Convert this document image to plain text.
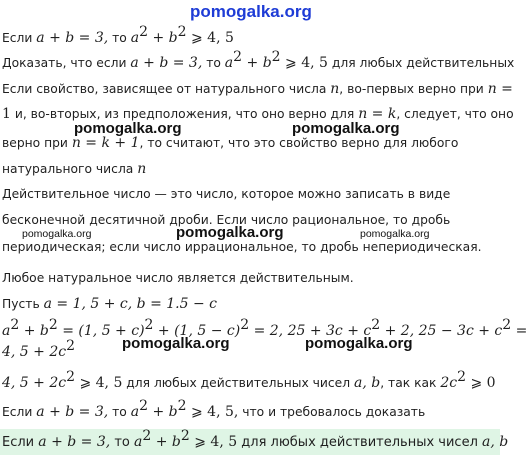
pomogalka.org
Если a + b = 3, то $a^2 + b^2$ ⩾ 4, 5
Доказать, что если a + b = 3, то $a^2 + b^2$ ⩾ 4, 5 для любых действительных
Если свойство, зависящее от натурального числа n, во-первых верно при n =
1 и, во-вторых, из предположения, что оно верно для n = k, следует, что оно
верно при n = k + 1, то считают, что это свойство верно для любого
pomogalka.org	pomogalka.org
натурального числа n
Действительное число — это число, которое можно записать в виде
бесконечной десятичной дроби. Если число рациональное, то дробь
pomogalka.org	pomogalka.org	pomogalka.org
периодическая; если число иррациональное, то дробь непериодическая.
Любое натуральное число является действительным.
Пусть a = 1, 5 + c, b = 1.5 − c
$a^2 + b^2 = (1$, 5 + c)$^2$ + (1, 5 − c)$^2$ = 2, $25 + 3c + c^2 + 2$, $25 - 3c + c^2$ =
4, $5 + 2c^2$	pomogalka.org	pomogalka.org
4, $5 + 2c^2$ ⩾ 4, 5 для любых действительных чисел a, b, так как $2c^2$ ⩾ 0
Если a + b = 3, то $a^2 + b^2$ ⩾ 4, 5, что и требовалось доказать
Если a + b = 3, то $a^2 + b^2$ ⩾ 4, 5 для любых действительных чисел a, b
